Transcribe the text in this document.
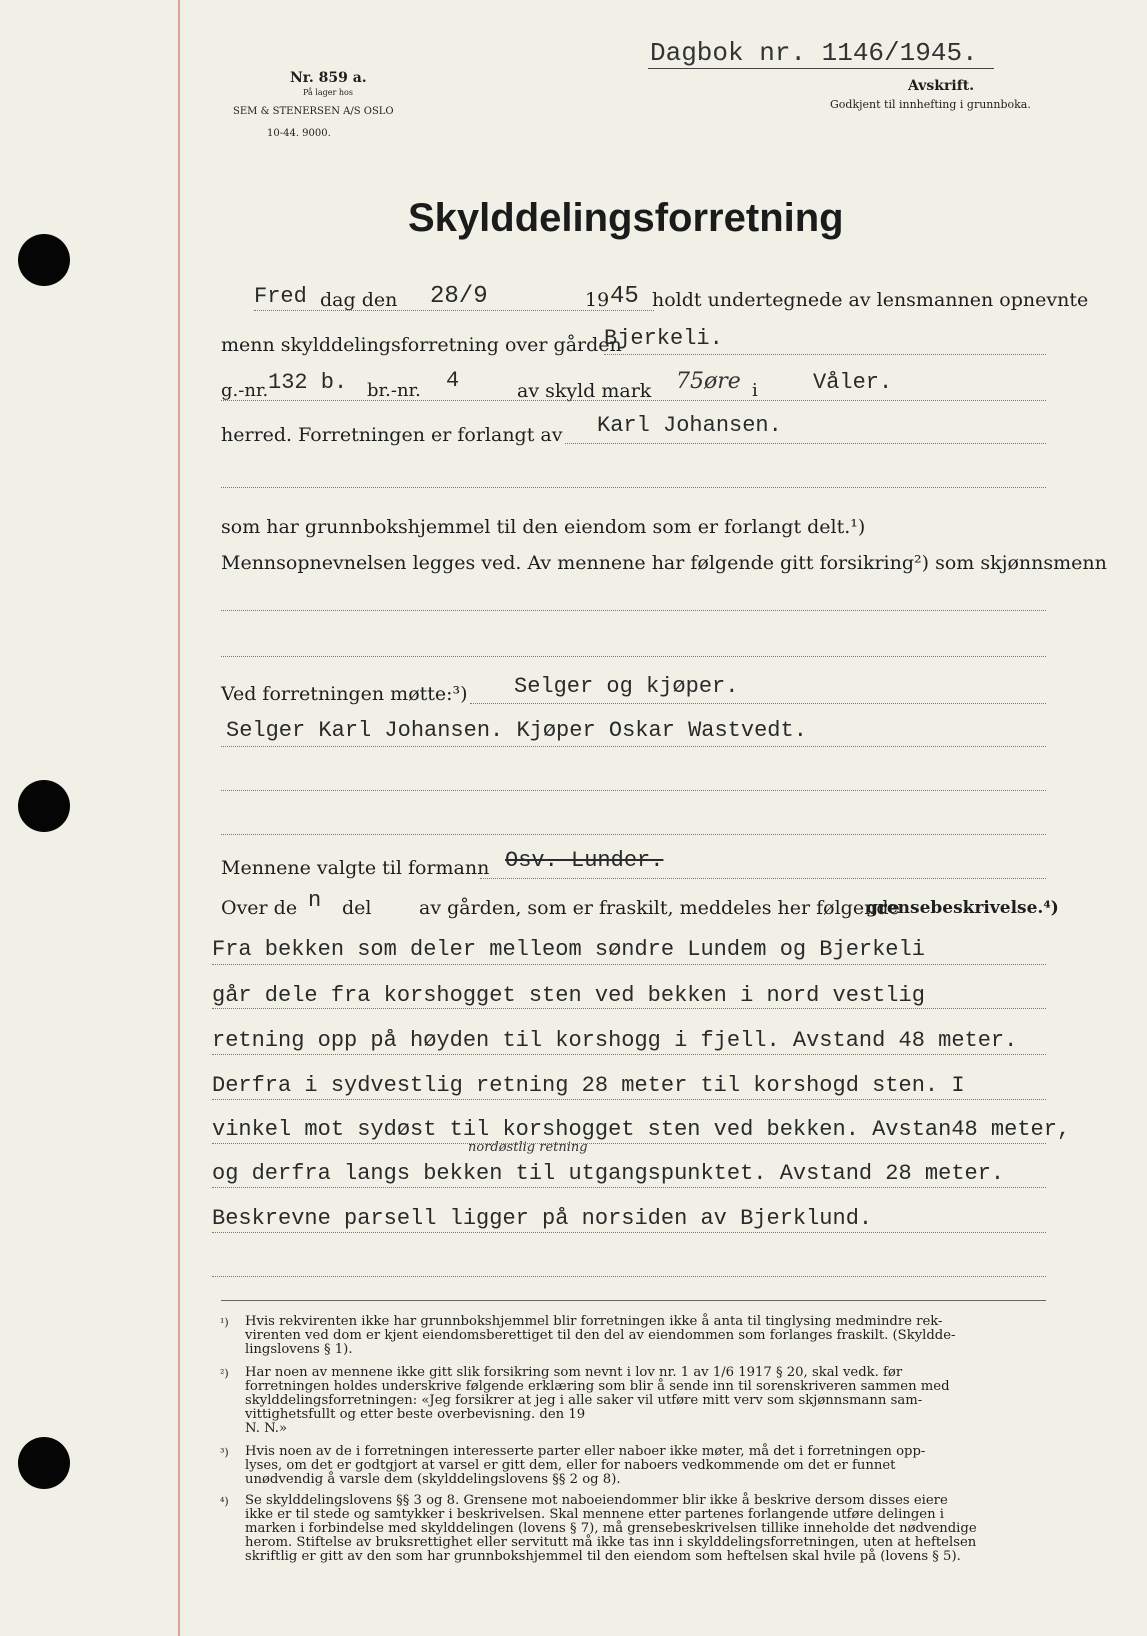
Dagbok nr. 1146/1945.
Nr. 859 a.
På lager hos
SEM & STENERSEN A/S OSLO
10-44. 9000.
Avskrift.
Godkjent til innhefting i grunnboka.
Skylddelingsforretning
Fred dag den 28/9	19 45 holdt undertegnede av lensmannen opnevnte
menn skylddelingsforretning over gården
Bjerkeli.
g.-nr. 132 b. br.-nr. 4	av skyld mark 75øre i	Våler.
herred. Forretningen er forlangt av Karl Johansen.
som har grunnbokshjemmel til den eiendom som er forlangt delt.¹)
Mennsopnevnelsen legges ved. Av mennene har følgende gitt forsikring²) som skjønnsmenn
Ved forretningen møtte:³) Selger og kjøper.
Selger Karl Johansen. Kjøper Oskar Wastvedt.
Mennene valgte til formann Osv. Lunder.
Over de n del	av gården, som er fraskilt, meddeles her følgende
grensebeskrivelse.⁴)
Fra bekken som deler melleom søndre Lundem og Bjerkeli
går dele fra korshogget sten ved bekken i nord vestlig
retning opp på høyden til korshogg i fjell. Avstand 48 meter.
Derfra i sydvestlig retning 28 meter til korshogd sten. I
vinkel mot sydøst til korshogget sten ved bekken. Avstan48 meter,
nordøstlig retning
og derfra langs bekken til utgangspunktet. Avstand 28 meter.
Beskrevne parsell ligger på norsiden av Bjerklund.
¹) Hvis rekvirenten ikke har grunnbokshjemmel blir forretningen ikke å anta til tinglysing medmindre rek-
virenten ved dom er kjent eiendomsberettiget til den del av eiendommen som forlanges fraskilt. (Skyldde-
lingslovens § 1).
²) Har noen av mennene ikke gitt slik forsikring som nevnt i lov nr. 1 av 1/6 1917 § 20, skal vedk. før
forretningen holdes underskrive følgende erklæring som blir å sende inn til sorenskriveren sammen med
skylddelingsforretningen: «Jeg forsikrer at jeg i alle saker vil utføre mitt verv som skjønnsmann sam-
vittighetsfullt og etter beste overbevisning. den 19
N. N.»
³) Hvis noen av de i forretningen interesserte parter eller naboer ikke møter, må det i forretningen opp-
lyses, om det er godtgjort at varsel er gitt dem, eller for naboers vedkommende om det er funnet
unødvendig å varsle dem (skylddelingslovens §§ 2 og 8).
⁴) Se skylddelingslovens §§ 3 og 8. Grensene mot naboeiendommer blir ikke å beskrive dersom disses eiere
ikke er til stede og samtykker i beskrivelsen. Skal mennene etter partenes forlangende utføre delingen i
marken i forbindelse med skylddelingen (lovens § 7), må grensebeskrivelsen tillike inneholde det nødvendige
herom. Stiftelse av bruksrettighet eller servitutt må ikke tas inn i skylddelingsforretningen, uten at heftelsen
skriftlig er gitt av den som har grunnbokshjemmel til den eiendom som heftelsen skal hvile på (lovens § 5).
